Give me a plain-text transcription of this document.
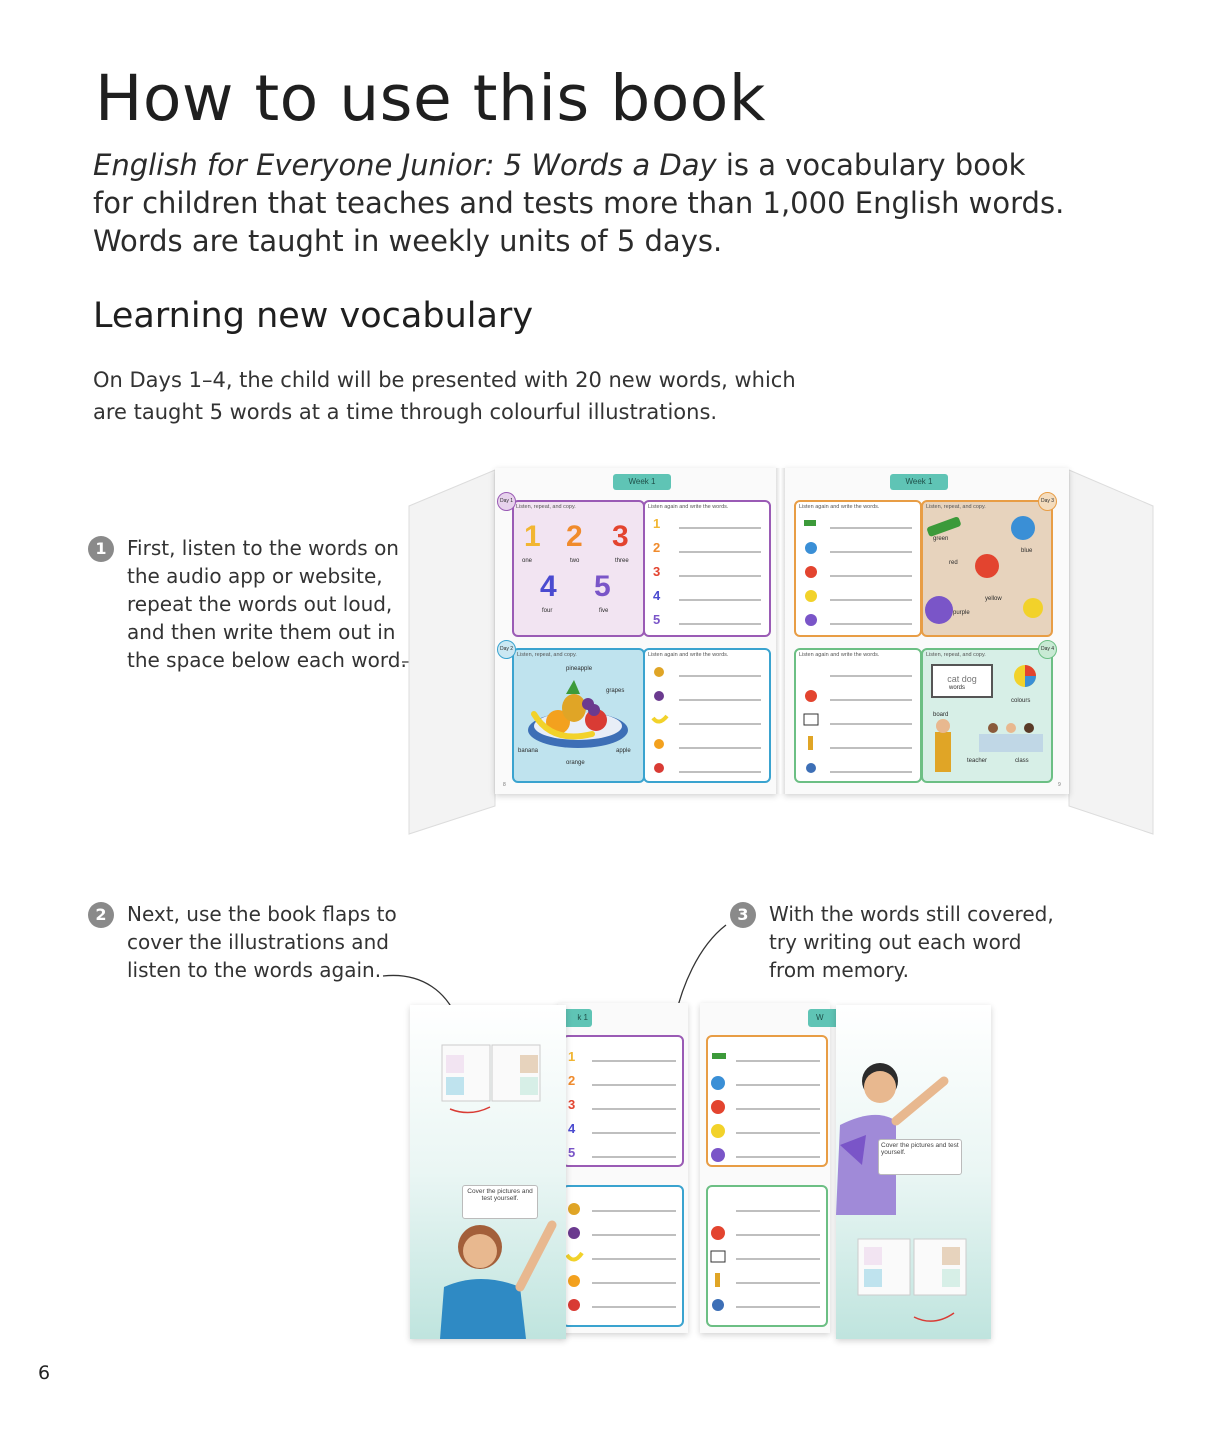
How to use this book
English for Everyone Junior: 5 Words a Day is a vocabulary book
for children that teaches and tests more than 1,000 English words.
Words are taught in weekly units of 5 days.
Learning new vocabulary
On Days 1–4, the child will be presented with 20 new words, which
are taught 5 words at a time through colourful illustrations.
1	First, listen to the words on
the audio app or website,
repeat the words out loud,
and then write them out in
the space below each word.
2	Next, use the book flaps to
cover the illustrations and
listen to the words again.
3	With the words still covered,
try writing out each word
from memory.
Week 1
Listen, repeat, and copy.
1 2 3
one	two	three
4 5
four	five
Day 1
Listen again and write the words.
1
2
3
4
5
Listen, repeat, and copy.
pineapple
grapes
banana	apple
orange
Day 2
Listen again and write the words.
8
Week 1
Listen again and write the words.	Listen, repeat, and copy.
green
blue
red
yellow
purple
Day 3
Listen again and write the words.	Listen, repeat, and copy.
cat dog
words
colours
board
teacher	class
Day 4
9
k 1
1
2
3
4
5
W
Cover the pictures and test yourself.
Cover the pictures and test yourself.
6
